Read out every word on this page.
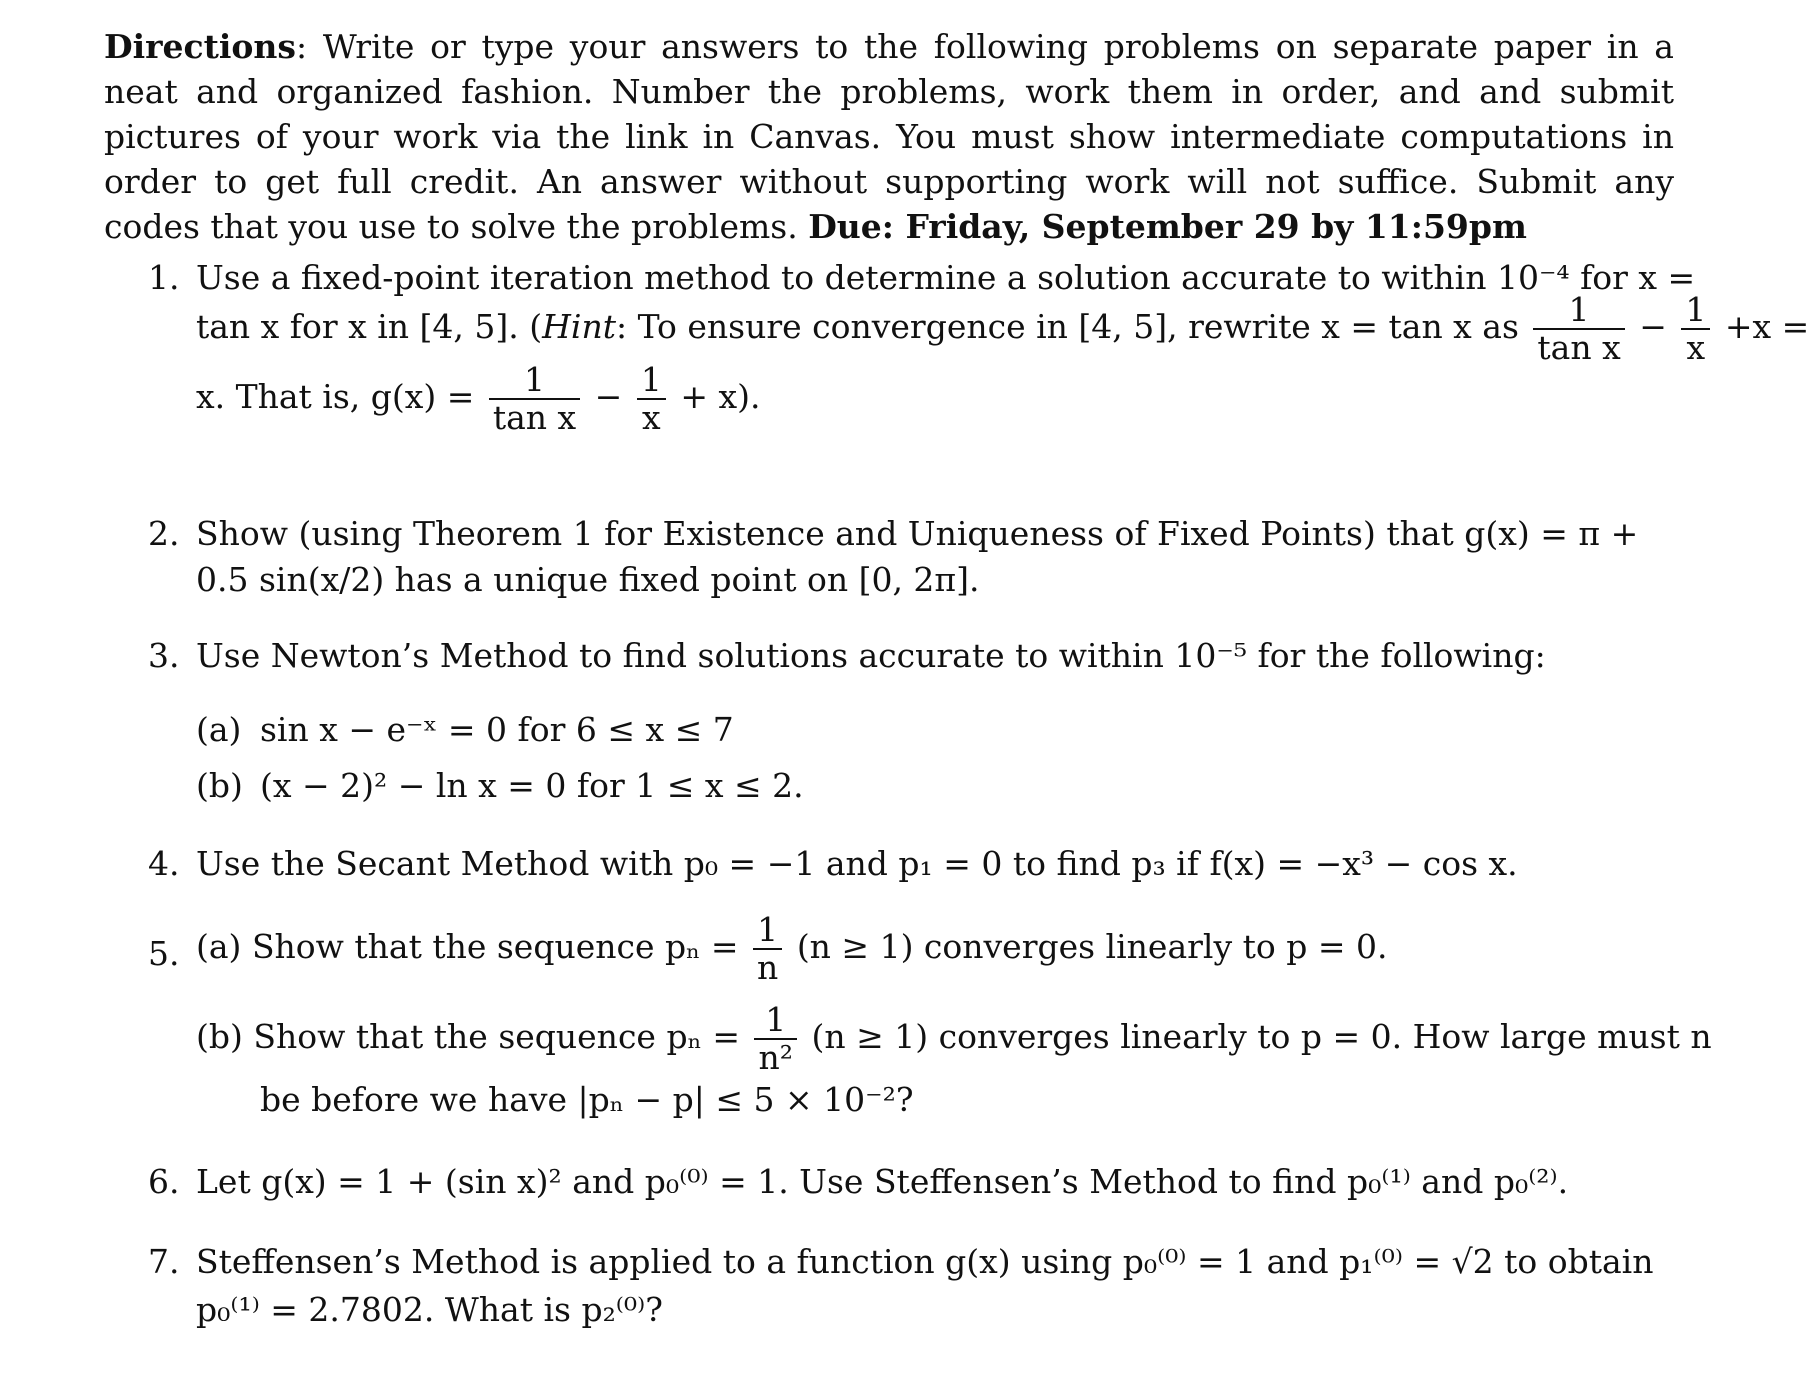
Directions: Write or type your answers to the following problems on separate paper in a neat and organized fashion. Number the problems, work them in order, and and submit pictures of your work via the link in Canvas. You must show intermediate computations in order to get full credit. An answer without supporting work will not suffice. Submit any codes that you use to solve the problems. Due: Friday, September 29 by 11:59pm

1. Use a fixed-point iteration method to determine a solution accurate to within 10⁻⁴ for x =
tan x for x in [4, 5]. (Hint: To ensure convergence in [4, 5], rewrite x = tan x as $\frac{1}{\text{tan x}} - \frac{1}{x} +x$ =
x. That is, $g(x) = \frac{1}{\text{tan x}} - \frac{1}{x} + x$).
2. Show (using Theorem 1 for Existence and Uniqueness of Fixed Points) that g(x) = π +
0.5 sin(x/2) has a unique fixed point on [0, 2π].
3. Use Newton’s Method to find solutions accurate to within 10⁻⁵ for the following:
(a) sin x − e⁻ˣ = 0 for 6 ≤ x ≤ 7
(b) (x − 2)² − ln x = 0 for 1 ≤ x ≤ 2.
4. Use the Secant Method with p₀ = −1 and p₁ = 0 to find p₃ if f(x) = −x³ − cos x.
5. (a) Show that the sequence $p_n = \frac{1}{n} (n \ge 1)$ converges linearly to p = 0.
(b) Show that the sequence $p_n = \frac{1}{\text{n²}} (n \ge 1)$ converges linearly to p = 0. How large must n
be before we have |pₙ − p| ≤ 5 × 10⁻²?
6. Let g(x) = 1 + (sin x)² and p₀⁽⁰⁾ = 1. Use Steffensen’s Method to find p₀⁽¹⁾ and p₀⁽²⁾.
7. Steffensen’s Method is applied to a function g(x) using p₀⁽⁰⁾ = 1 and p₁⁽⁰⁾ = √2 to obtain
p₀⁽¹⁾ = 2.7802. What is p₂⁽⁰⁾?
